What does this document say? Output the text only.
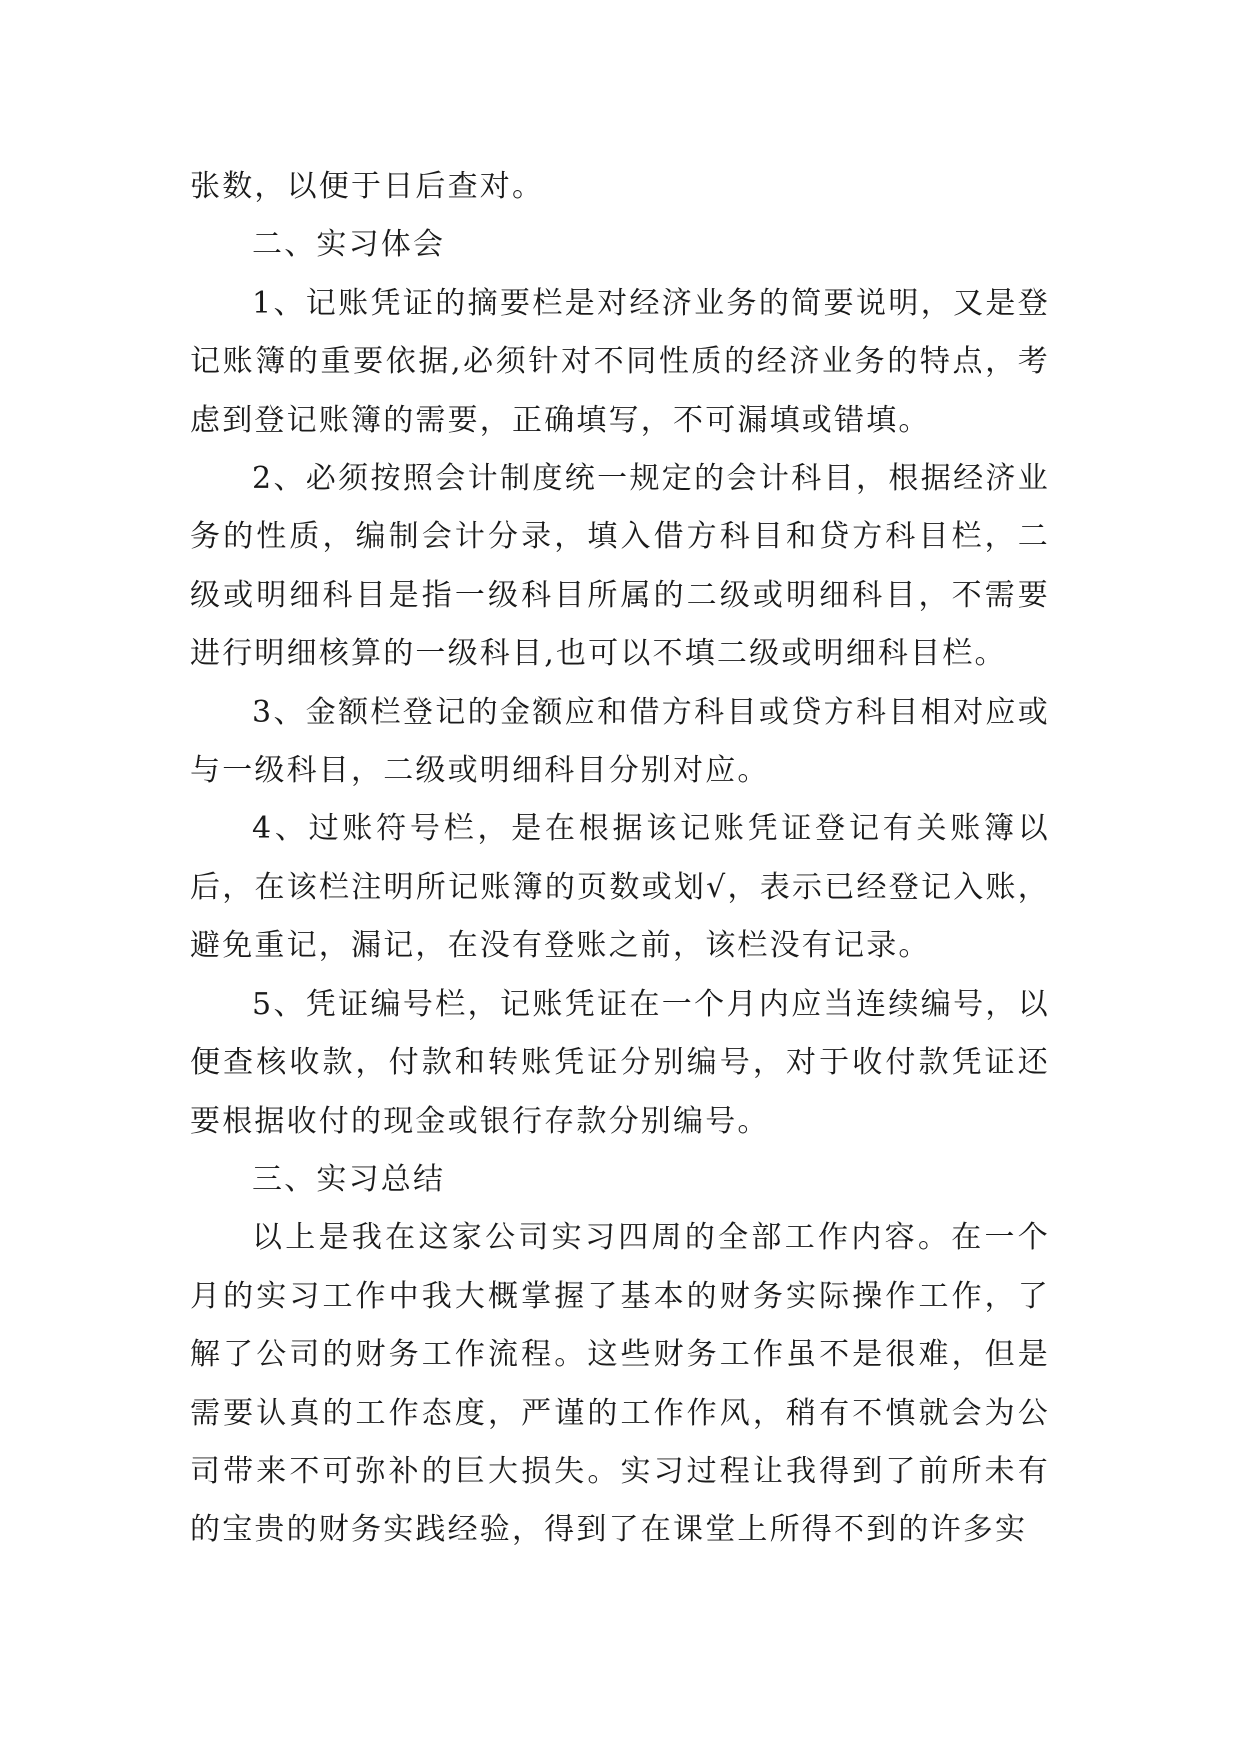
张数，以便于日后查对。

二、实习体会

1、记账凭证的摘要栏是对经济业务的简要说明，又是登记账簿的重要依据,必须针对不同性质的经济业务的特点，考虑到登记账簿的需要，正确填写，不可漏填或错填。

2、必须按照会计制度统一规定的会计科目，根据经济业务的性质，编制会计分录，填入借方科目和贷方科目栏，二级或明细科目是指一级科目所属的二级或明细科目，不需要进行明细核算的一级科目,也可以不填二级或明细科目栏。

3、金额栏登记的金额应和借方科目或贷方科目相对应或与一级科目，二级或明细科目分别对应。

4、过账符号栏，是在根据该记账凭证登记有关账簿以后，在该栏注明所记账簿的页数或划√，表示已经登记入账，避免重记，漏记，在没有登账之前，该栏没有记录。

5、凭证编号栏，记账凭证在一个月内应当连续编号，以便查核收款，付款和转账凭证分别编号，对于收付款凭证还要根据收付的现金或银行存款分别编号。

三、实习总结

以上是我在这家公司实习四周的全部工作内容。在一个月的实习工作中我大概掌握了基本的财务实际操作工作，了解了公司的财务工作流程。这些财务工作虽不是很难，但是需要认真的工作态度，严谨的工作作风，稍有不慎就会为公司带来不可弥补的巨大损失。实习过程让我得到了前所未有的宝贵的财务实践经验，得到了在课堂上所得不到的许多实
